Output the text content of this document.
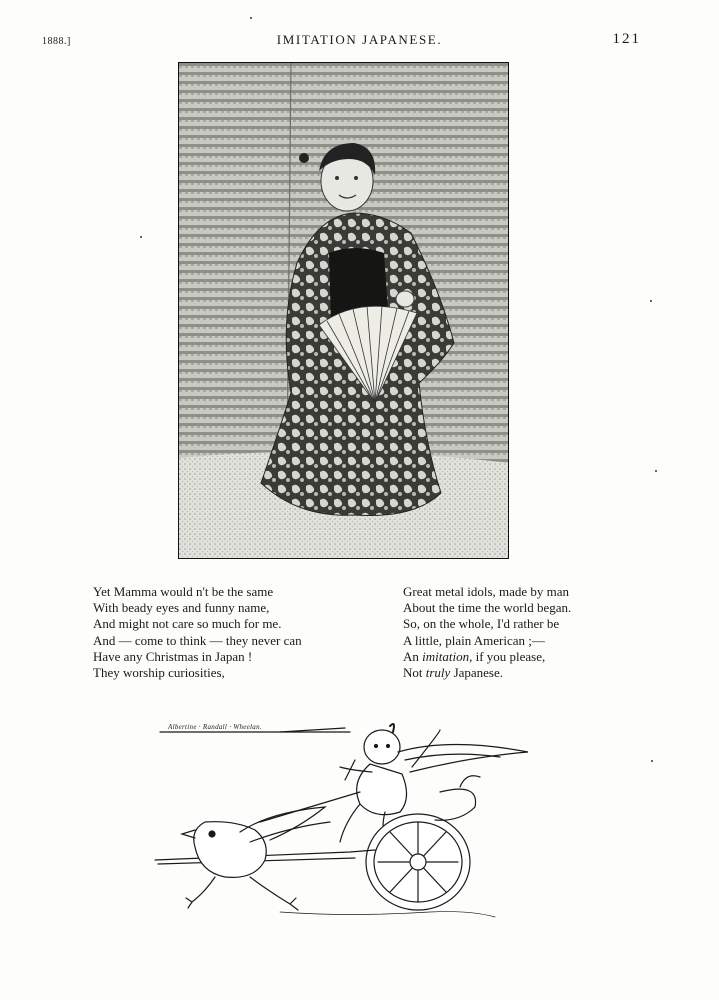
1888.]	IMITATION JAPANESE.	121
Yet Mamma would n't be the same
With beady eyes and funny name,
And might not care so much for me.
And — come to think — they never can
Have any Christmas in Japan !
They worship curiosities,
Great metal idols, made by man
About the time the world began.
So, on the whole, I'd rather be
A little, plain American ;—
An imitation, if you please,
Not truly Japanese.
Albertine · Randall · Wheelan.
